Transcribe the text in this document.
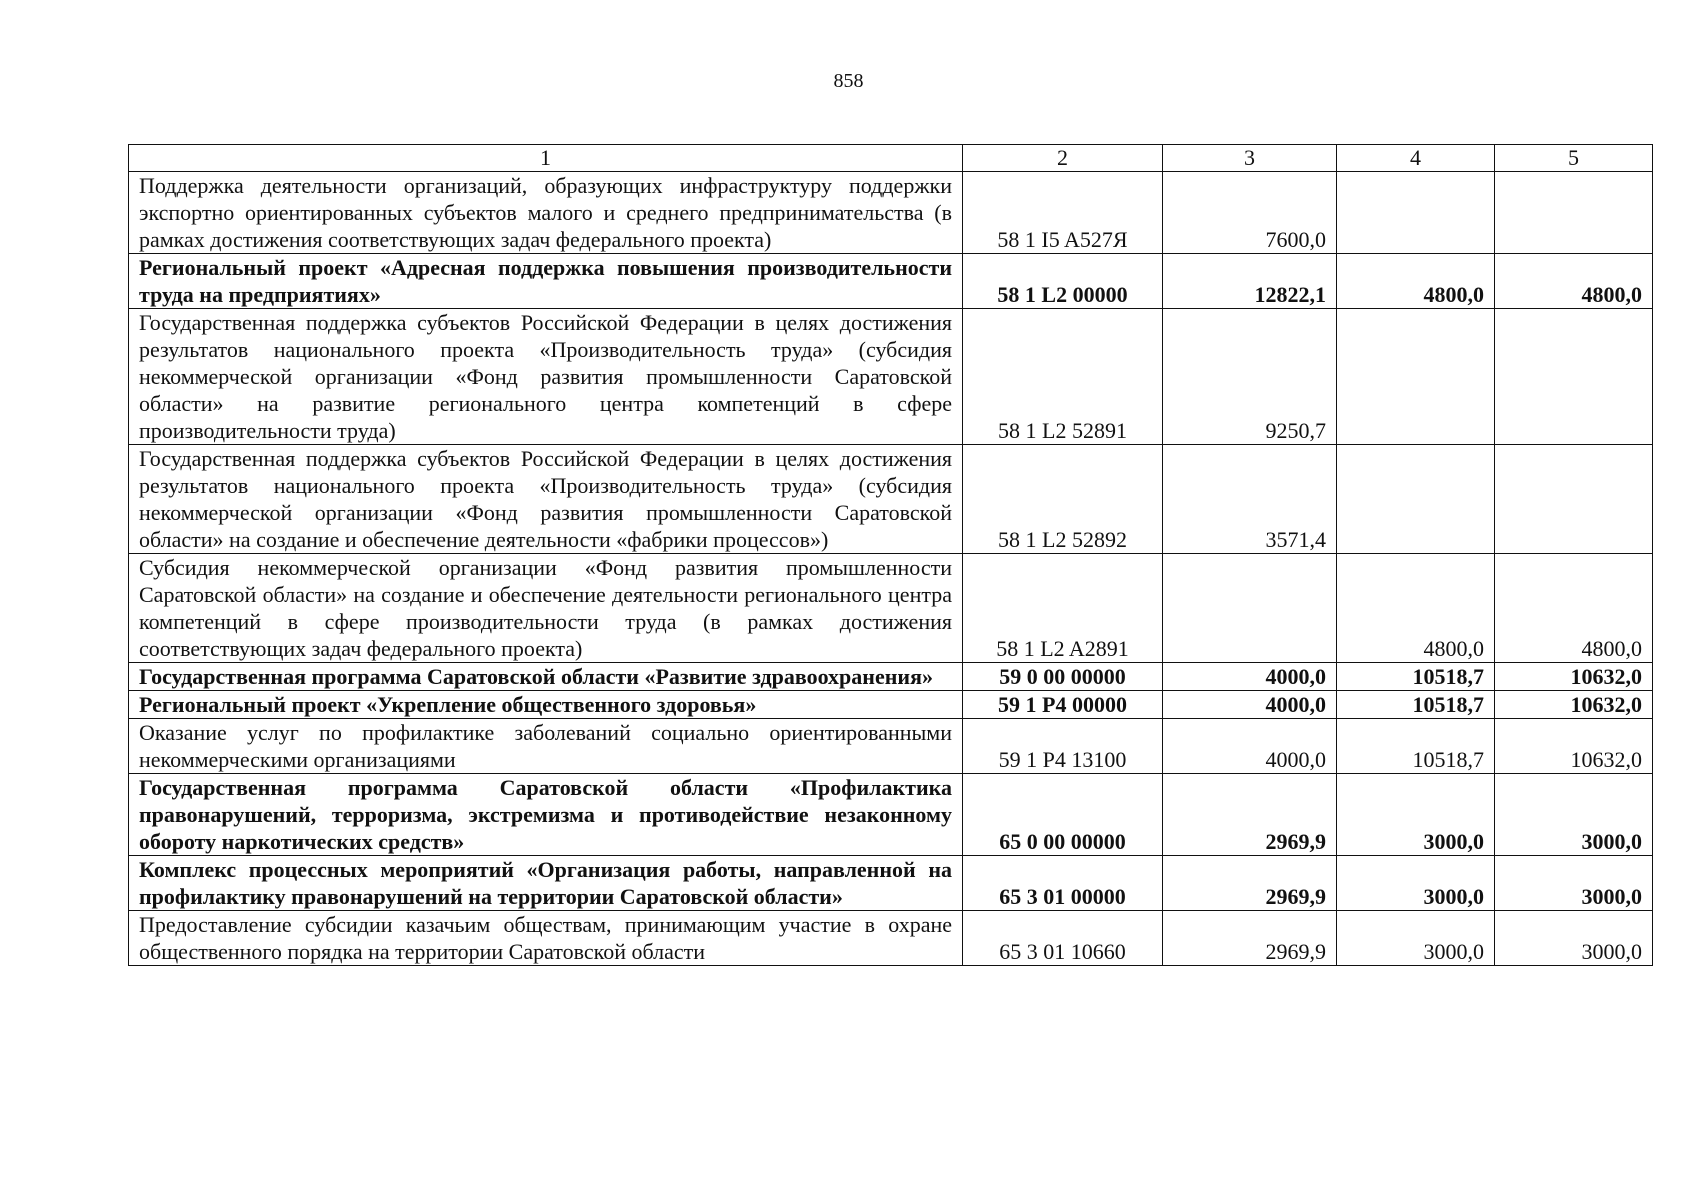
858
1	2	3	4	5
Поддержка деятельности организаций, образующих инфраструктуру поддержки экспортно ориентированных субъектов малого и среднего предпринимательства (в рамках достижения соответствующих задач федерального проекта)	58 1 I5 A527Я	7600,0		
Региональный проект «Адресная поддержка повышения производительности труда на предприятиях»	58 1 L2 00000	12822,1	4800,0	4800,0
Государственная поддержка субъектов Российской Федерации в целях достижения результатов национального проекта «Производительность труда» (субсидия некоммерческой организации «Фонд развития промышленности Саратовской области» на развитие регионального центра компетенций в сфере производительности труда)	58 1 L2 52891	9250,7		
Государственная поддержка субъектов Российской Федерации в целях достижения результатов национального проекта «Производительность труда» (субсидия некоммерческой организации «Фонд развития промышленности Саратовской области» на создание и обеспечение деятельности «фабрики процессов»)	58 1 L2 52892	3571,4		
Субсидия некоммерческой организации «Фонд развития промышленности Саратовской области» на создание и обеспечение деятельности регионального центра компетенций в сфере производительности труда (в рамках достижения соответствующих задач федерального проекта)	58 1 L2 A2891		4800,0	4800,0
Государственная программа Саратовской области «Развитие здравоохранения»	59 0 00 00000	4000,0	10518,7	10632,0
Региональный проект «Укрепление общественного здоровья»	59 1 P4 00000	4000,0	10518,7	10632,0
Оказание услуг по профилактике заболеваний социально ориентированными некоммерческими организациями	59 1 P4 13100	4000,0	10518,7	10632,0
Государственная программа Саратовской области «Профилактика правонарушений, терроризма, экстремизма и противодействие незаконному обороту наркотических средств»	65 0 00 00000	2969,9	3000,0	3000,0
Комплекс процессных мероприятий «Организация работы, направленной на профилактику правонарушений на территории Саратовской области»	65 3 01 00000	2969,9	3000,0	3000,0
Предоставление субсидии казачьим обществам, принимающим участие в охране общественного порядка на территории Саратовской области	65 3 01 10660	2969,9	3000,0	3000,0
